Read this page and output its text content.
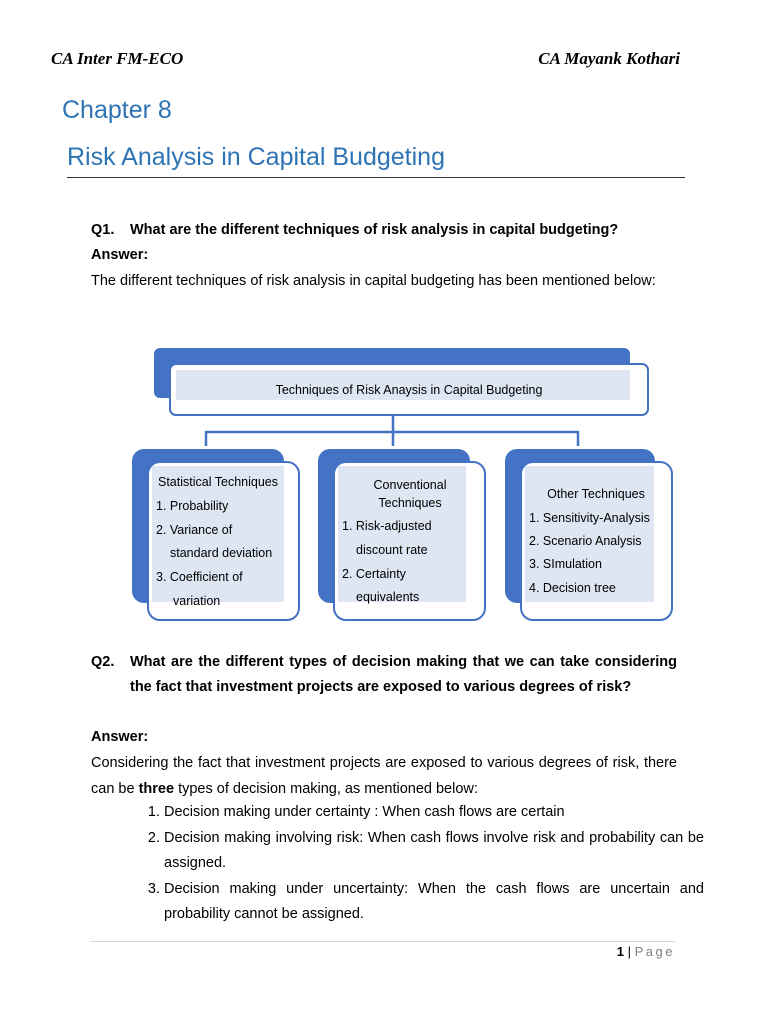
CA Inter FM-ECO	CA Mayank Kothari
Chapter 8
Risk Analysis in Capital Budgeting
Q1. What are the different techniques of risk analysis in capital budgeting?
Answer:
The different techniques of risk analysis in capital budgeting has been mentioned below:
Techniques of Risk Anaysis in Capital Budgeting
Statistical Techniques
1. Probability
2. Variance of
standard deviation
3. Coefficient of
variation
Conventional
Techniques
1. Risk-adjusted
discount rate
2. Certainty
equivalents
Other Techniques
1. Sensitivity-Analysis
2. Scenario Analysis
3. SImulation
4. Decision tree
Q2. What are the different types of decision making that we can take considering the fact that investment projects are exposed to various degrees of risk?
Answer:
Considering the fact that investment projects are exposed to various degrees of risk, there can be three types of decision making, as mentioned below:
1. Decision making under certainty : When cash flows are certain
2. Decision making involving risk: When cash flows involve risk and probability can be assigned.
3. Decision making under uncertainty: When the cash flows are uncertain and probability cannot be assigned.
1 | Page
